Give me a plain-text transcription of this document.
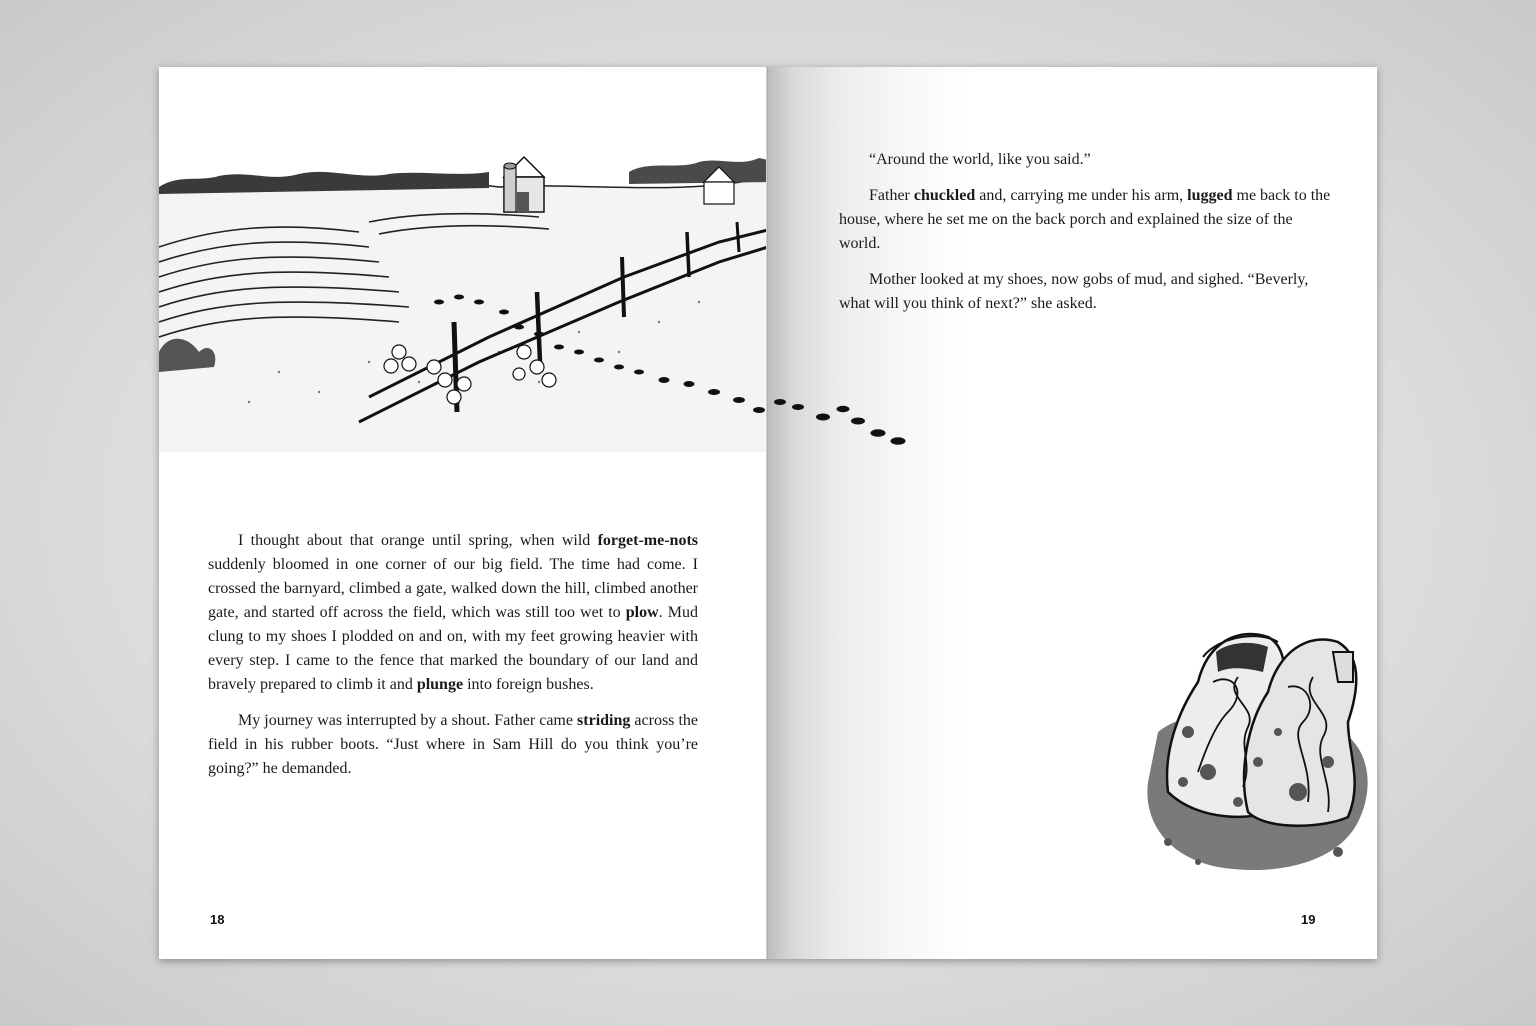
I thought about that orange until spring, when wild forget-me-nots suddenly bloomed in one corner of our big field. The time had come. I crossed the barnyard, climbed a gate, walked down the hill, climbed another gate, and started off across the field, which was still too wet to plow. Mud clung to my shoes I plodded on and on, with my feet growing heavier with every step. I came to the fence that marked the boundary of our land and bravely prepared to climb it and plunge into foreign bushes.

My journey was interrupted by a shout. Father came striding across the field in his rubber boots. “Just where in Sam Hill do you think you’re going?” he demanded.

18

“Around the world, like you said.”

Father chuckled and, carrying me under his arm, lugged me back to the house, where he set me on the back porch and explained the size of the world.

Mother looked at my shoes, now gobs of mud, and sighed. “Beverly, what will you think of next?” she asked.

19
